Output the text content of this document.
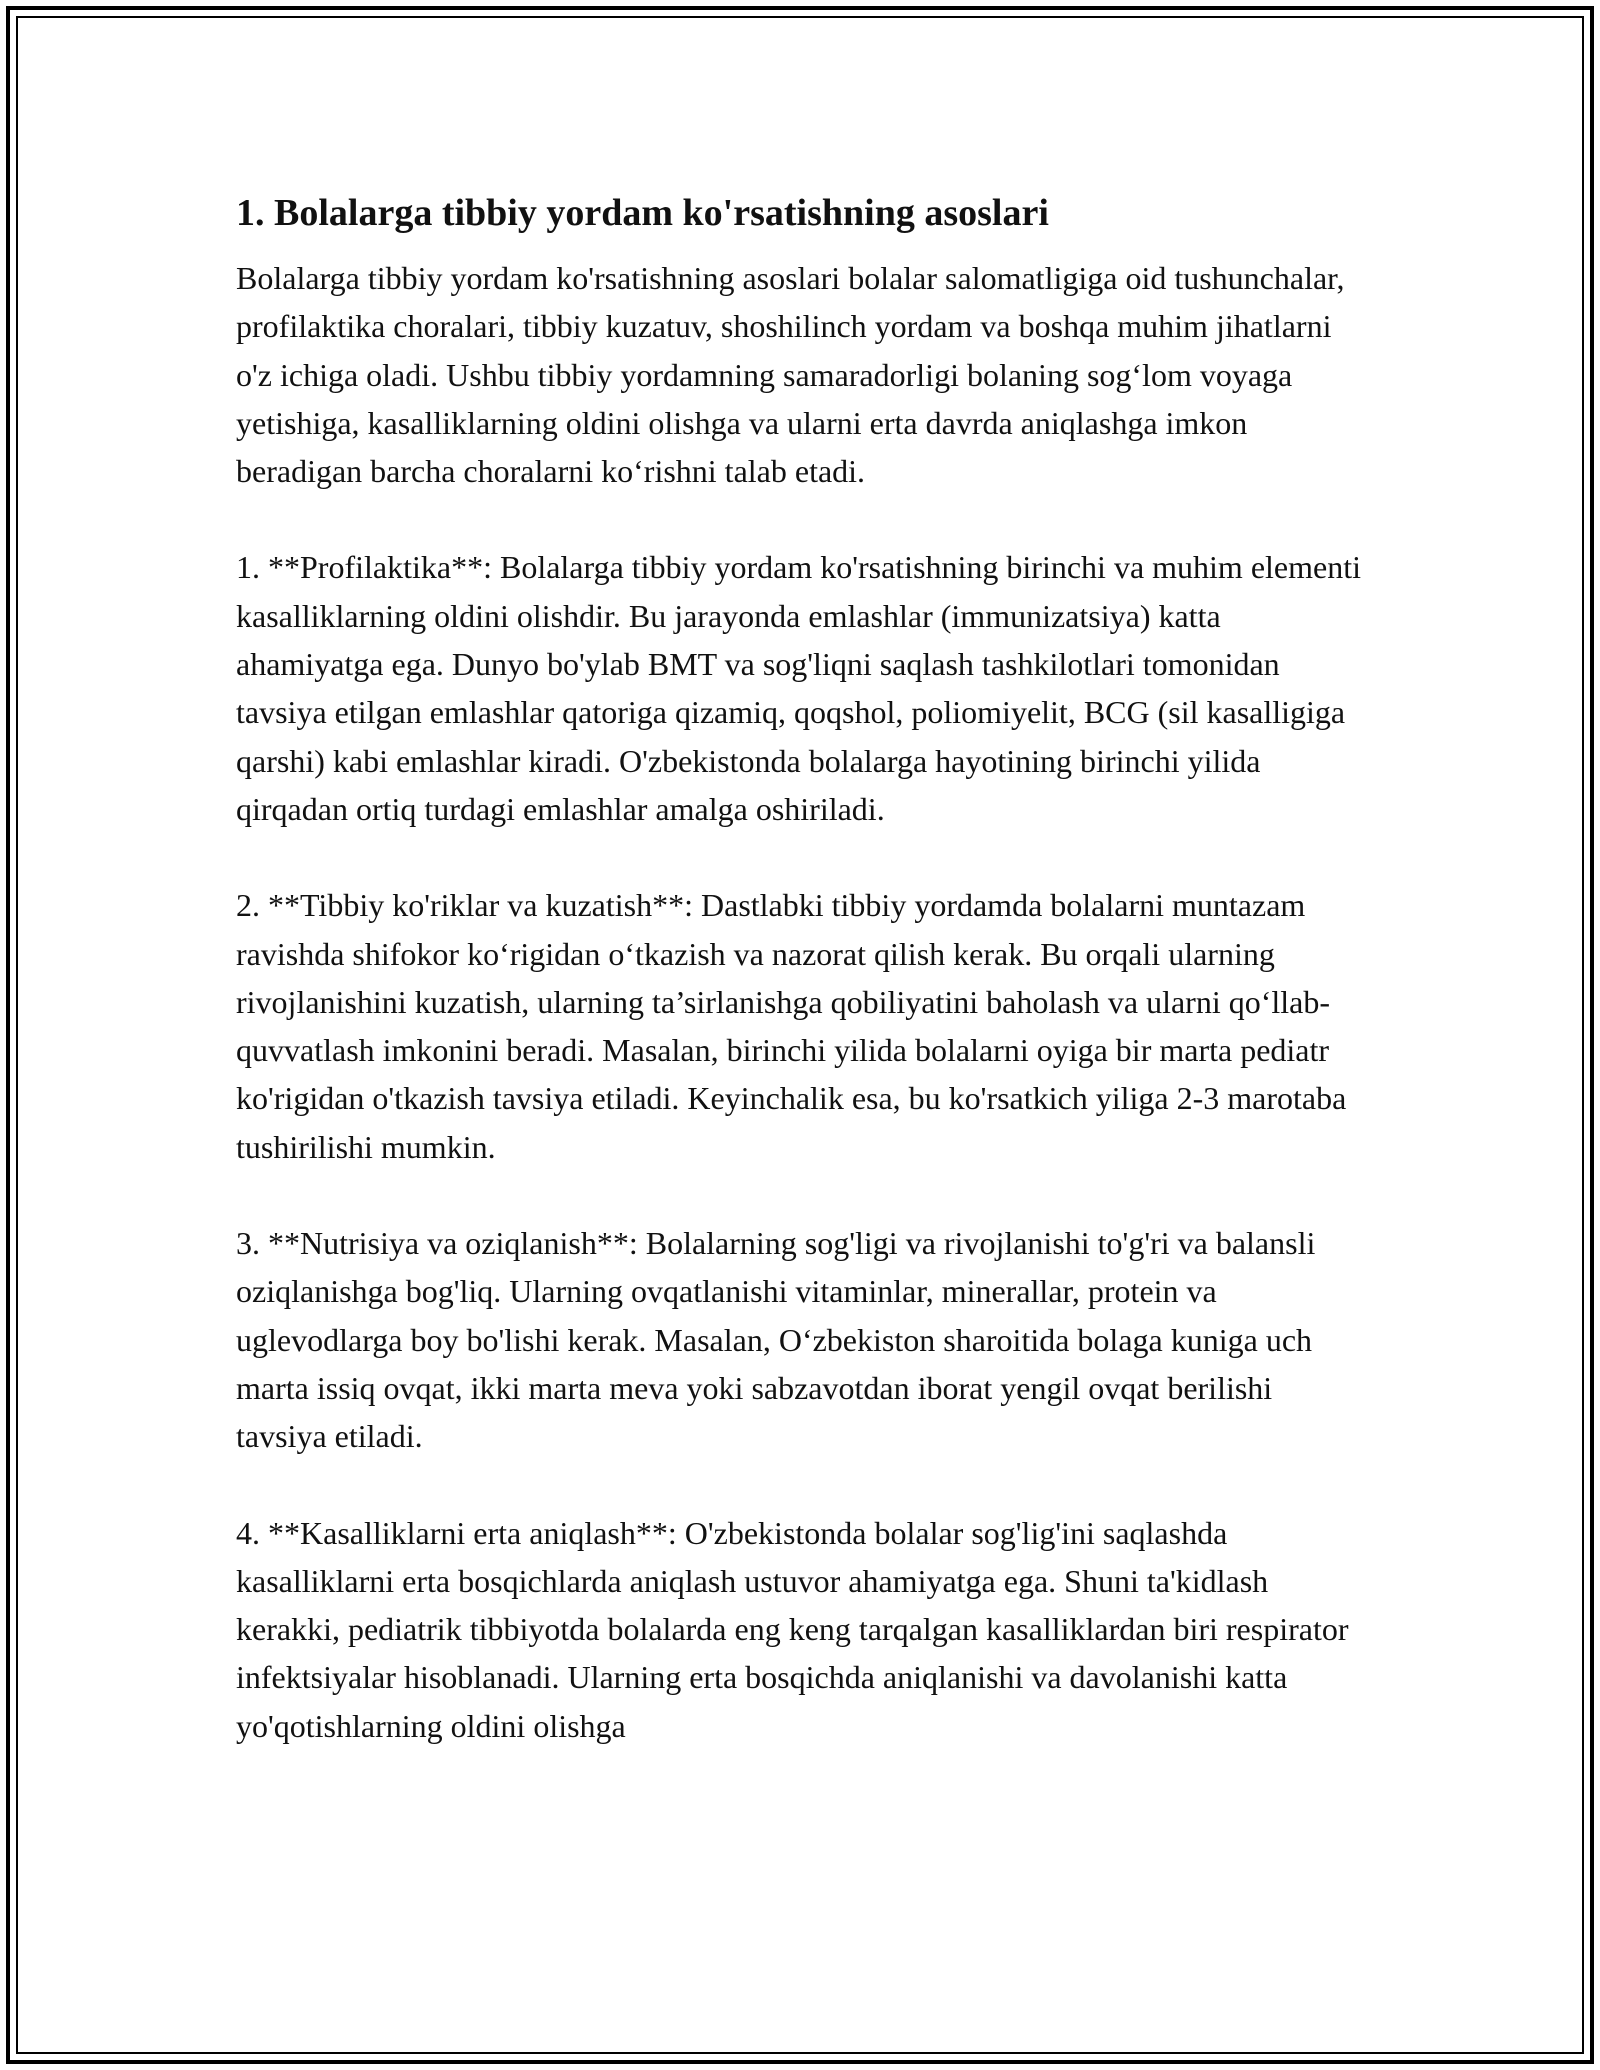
1. Bolalarga tibbiy yordam ko'rsatishning asoslari

Bolalarga tibbiy yordam ko'rsatishning asoslari bolalar salomatligiga oid tushunchalar, profilaktika choralari, tibbiy kuzatuv, shoshilinch yordam va boshqa muhim jihatlarni o'z ichiga oladi. Ushbu tibbiy yordamning samaradorligi bolaning sog‘lom voyaga yetishiga, kasalliklarning oldini olishga va ularni erta davrda aniqlashga imkon beradigan barcha choralarni ko‘rishni talab etadi.

1. **Profilaktika**: Bolalarga tibbiy yordam ko'rsatishning birinchi va muhim elementi kasalliklarning oldini olishdir. Bu jarayonda emlashlar (immunizatsiya) katta ahamiyatga ega. Dunyo bo'ylab BMT va sog'liqni saqlash tashkilotlari tomonidan tavsiya etilgan emlashlar qatoriga qizamiq, qoqshol, poliomiyelit, BCG (sil kasalligiga qarshi) kabi emlashlar kiradi. O'zbekistonda bolalarga hayotining birinchi yilida qirqadan ortiq turdagi emlashlar amalga oshiriladi.

2. **Tibbiy ko'riklar va kuzatish**: Dastlabki tibbiy yordamda bolalarni muntazam ravishda shifokor ko‘rigidan o‘tkazish va nazorat qilish kerak. Bu orqali ularning rivojlanishini kuzatish, ularning ta’sirlanishga qobiliyatini baholash va ularni qo‘llab-quvvatlash imkonini beradi. Masalan, birinchi yilida bolalarni oyiga bir marta pediatr ko'rigidan o'tkazish tavsiya etiladi. Keyinchalik esa, bu ko'rsatkich yiliga 2-3 marotaba tushirilishi mumkin.

3. **Nutrisiya va oziqlanish**: Bolalarning sog'ligi va rivojlanishi to'g'ri va balansli oziqlanishga bog'liq. Ularning ovqatlanishi vitaminlar, minerallar, protein va uglevodlarga boy bo'lishi kerak. Masalan, O‘zbekiston sharoitida bolaga kuniga uch marta issiq ovqat, ikki marta meva yoki sabzavotdan iborat yengil ovqat berilishi tavsiya etiladi.

4. **Kasalliklarni erta aniqlash**: O'zbekistonda bolalar sog'lig'ini saqlashda kasalliklarni erta bosqichlarda aniqlash ustuvor ahamiyatga ega. Shuni ta'kidlash kerakki, pediatrik tibbiyotda bolalarda eng keng tarqalgan kasalliklardan biri respirator infektsiyalar hisoblanadi. Ularning erta bosqichda aniqlanishi va davolanishi katta yo'qotishlarning oldini olishga
